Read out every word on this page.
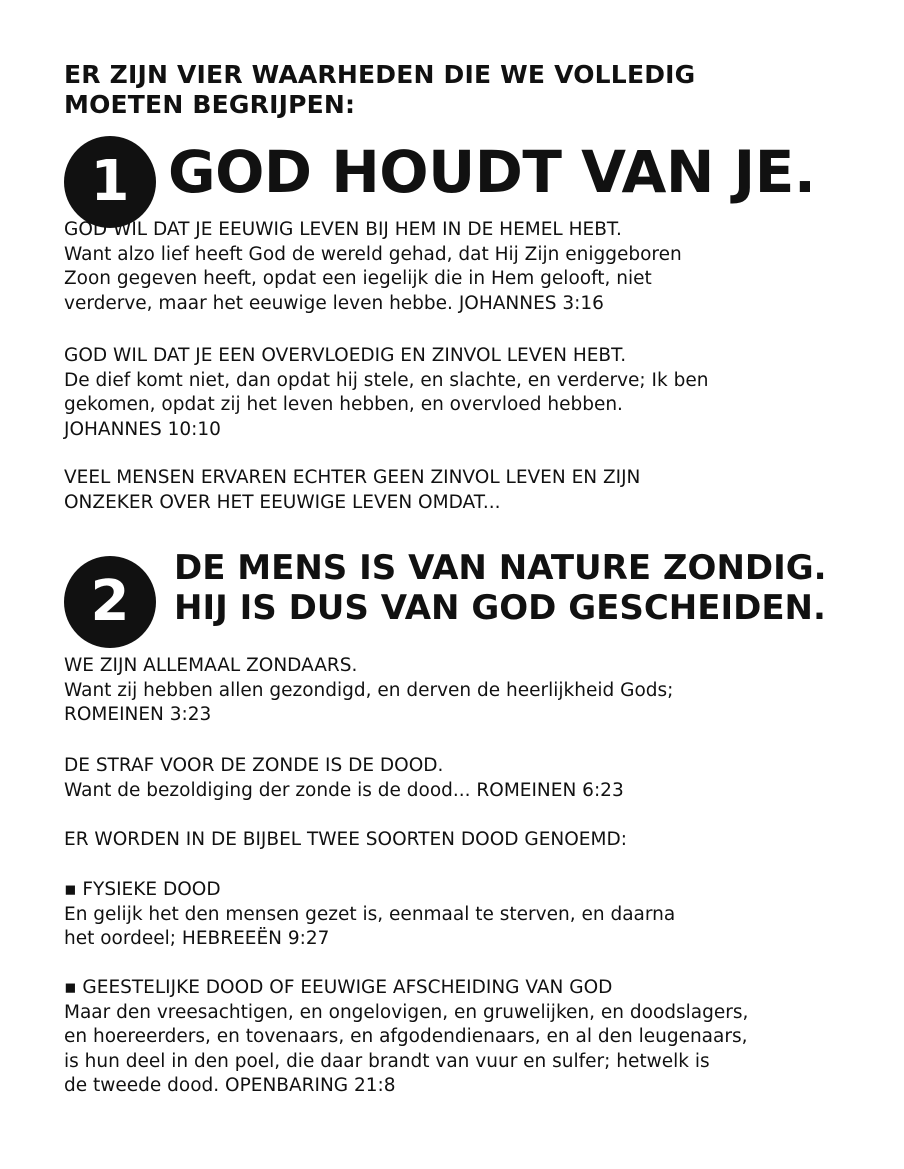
ER ZIJN VIER WAARHEDEN DIE WE VOLLEDIG
MOETEN BEGRIJPEN:
1 GOD HOUDT VAN JE.
GOD WIL DAT JE EEUWIG LEVEN BIJ HEM IN DE HEMEL HEBT.
Want alzo lief heeft God de wereld gehad, dat Hij Zijn eniggeboren
Zoon gegeven heeft, opdat een iegelijk die in Hem gelooft, niet
verderve, maar het eeuwige leven hebbe. JOHANNES 3:16
GOD WIL DAT JE EEN OVERVLOEDIG EN ZINVOL LEVEN HEBT.
De dief komt niet, dan opdat hij stele, en slachte, en verderve; Ik ben
gekomen, opdat zij het leven hebben, en overvloed hebben.
JOHANNES 10:10
VEEL MENSEN ERVAREN ECHTER GEEN ZINVOL LEVEN EN ZIJN
ONZEKER OVER HET EEUWIGE LEVEN OMDAT...
2
DE MENS IS VAN NATURE ZONDIG.
HIJ IS DUS VAN GOD GESCHEIDEN.
WE ZIJN ALLEMAAL ZONDAARS.
Want zij hebben allen gezondigd, en derven de heerlijkheid Gods;
ROMEINEN 3:23
DE STRAF VOOR DE ZONDE IS DE DOOD.
Want de bezoldiging der zonde is de dood... ROMEINEN 6:23
ER WORDEN IN DE BIJBEL TWEE SOORTEN DOOD GENOEMD:
▪ FYSIEKE DOOD
En gelijk het den mensen gezet is, eenmaal te sterven, en daarna
het oordeel; HEBREEËN 9:27
▪ GEESTELIJKE DOOD OF EEUWIGE AFSCHEIDING VAN GOD
Maar den vreesachtigen, en ongelovigen, en gruwelijken, en doodslagers,
en hoereerders, en tovenaars, en afgodendienaars, en al den leugenaars,
is hun deel in den poel, die daar brandt van vuur en sulfer; hetwelk is
de tweede dood. OPENBARING 21:8
